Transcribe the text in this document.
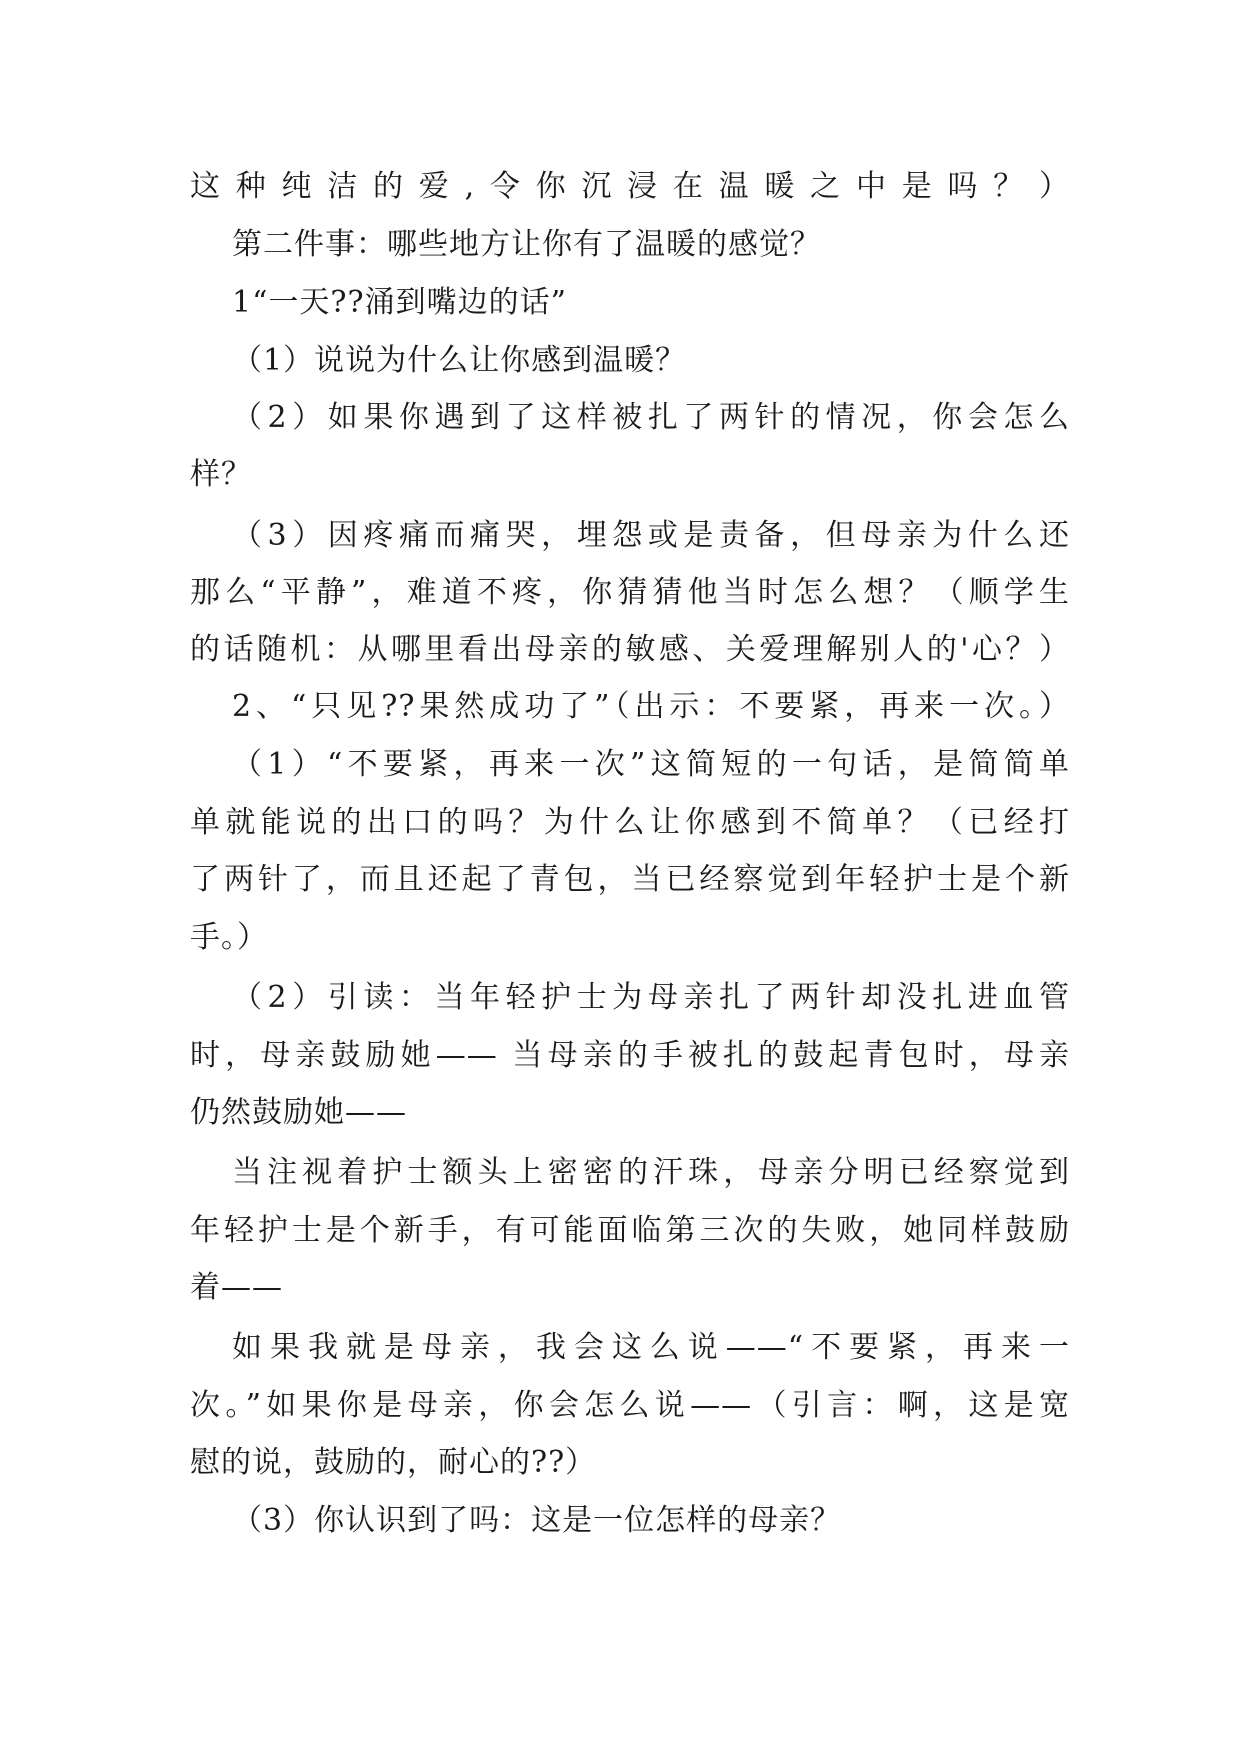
这种纯洁的爱,令你沉浸在温暖之中是吗？）
第二件事：哪些地方让你有了温暖的感觉？
1“一天??涌到嘴边的话”
（1）说说为什么让你感到温暖？
（2）如果你遇到了这样被扎了两针的情况，你会怎么
样？
（3）因疼痛而痛哭，埋怨或是责备，但母亲为什么还
那么“平静”，难道不疼，你猜猜他当时怎么想？（顺学生
的话随机：从哪里看出母亲的敏感、关爱理解别人的'心？）
2、“只见??果然成功了”（出示：不要紧，再来一次。）
（1）“不要紧，再来一次”这简短的一句话，是简简单
单就能说的出口的吗？为什么让你感到不简单？（已经打
了两针了，而且还起了青包，当已经察觉到年轻护士是个新
手。）
（2）引读：当年轻护士为母亲扎了两针却没扎进血管
时，母亲鼓励她—— 当母亲的手被扎的鼓起青包时，母亲
仍然鼓励她——
当注视着护士额头上密密的汗珠，母亲分明已经察觉到
年轻护士是个新手，有可能面临第三次的失败，她同样鼓励
着——
如果我就是母亲，我会这么说——“不要紧，再来一
次。”如果你是母亲，你会怎么说——（引言：啊，这是宽
慰的说，鼓励的，耐心的??）
（3）你认识到了吗：这是一位怎样的母亲？
